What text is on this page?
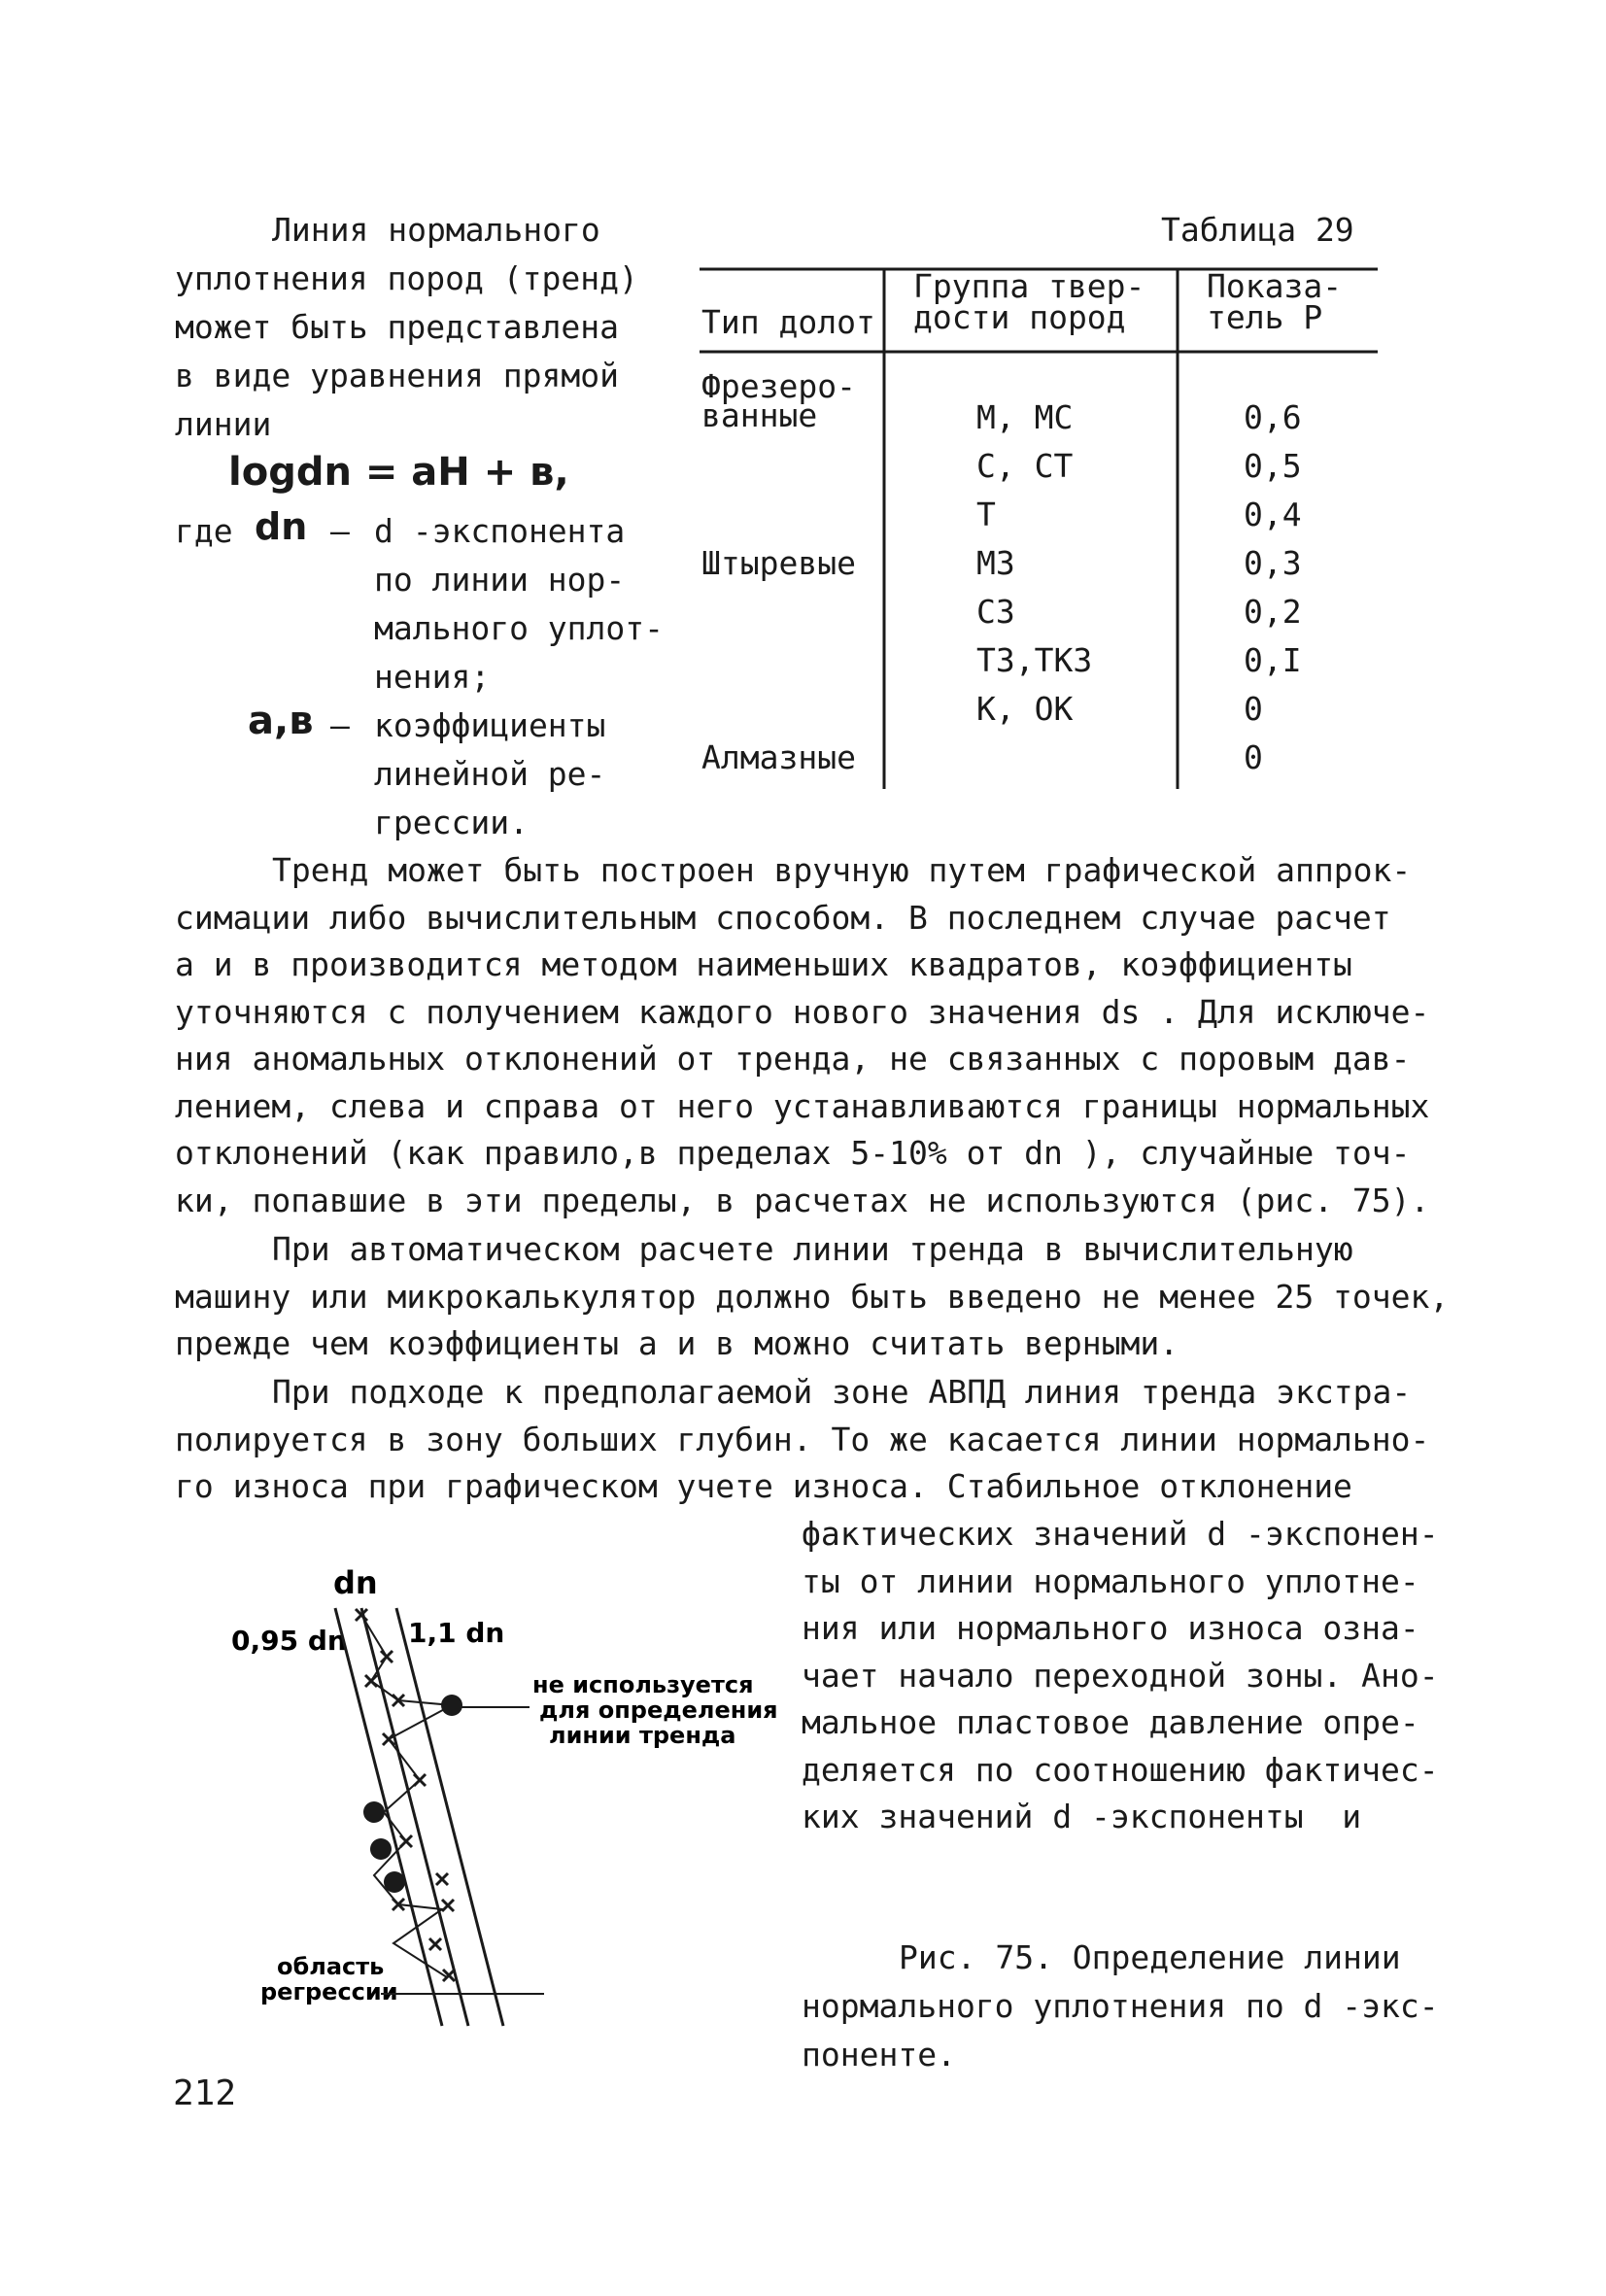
Линия нормального
уплотнения пород (тренд)
может быть представлена
в виде уравнения прямой
линии
logdn = aH + в,
где dn – d -экспонента
по линии нор-
мального уплот-
нения;
a,в – коэффициенты
линейной ре-
грессии.
Таблица 29
Тип долот
Группа твер-
дости пород
Показа-
тель Р
Фрезеро-
ванные
Штыревые
Алмазные
М, МС
С, СТ
Т
МЗ
СЗ
ТЗ,ТКЗ
К, ОК
0,6
0,5
0,4
0,3
0,2
0,I
0
0
Тренд может быть построен вручную путем графической аппрок-
симации либо вычислительным способом. В последнем случае расчет
a и в производится методом наименьших квадратов, коэффициенты
уточняются с получением каждого нового значения ds . Для исключе-
ния аномальных отклонений от тренда, не связанных с поровым дав-
лением, слева и справа от него устанавливаются границы нормальных
отклонений (как правило,в пределах 5-10% от dn ), случайные точ-
ки, попавшие в эти пределы, в расчетах не используются (рис. 75).
При автоматическом расчете линии тренда в вычислительную
машину или микрокалькулятор должно быть введено не менее 25 точек,
прежде чем коэффициенты a и в можно считать верными.
При подходе к предполагаемой зоне АВПД линия тренда экстра-
полируется в зону больших глубин. То же касается линии нормально-
го износа при графическом учете износа. Стабильное отклонение
фактических значений d -экспонен-
ты от линии нормального уплотне-
ния или нормального износа озна-
чает начало переходной зоны. Ано-
мальное пластовое давление опре-
деляется по соотношению фактичес-
ких значений d -экспоненты  и
dn
0,95 dn 1,1 dn
не используется
для определения
линии тренда
область
регрессии
Рис. 75. Определение линии
нормального уплотнения по d -экс-
поненте.
212
